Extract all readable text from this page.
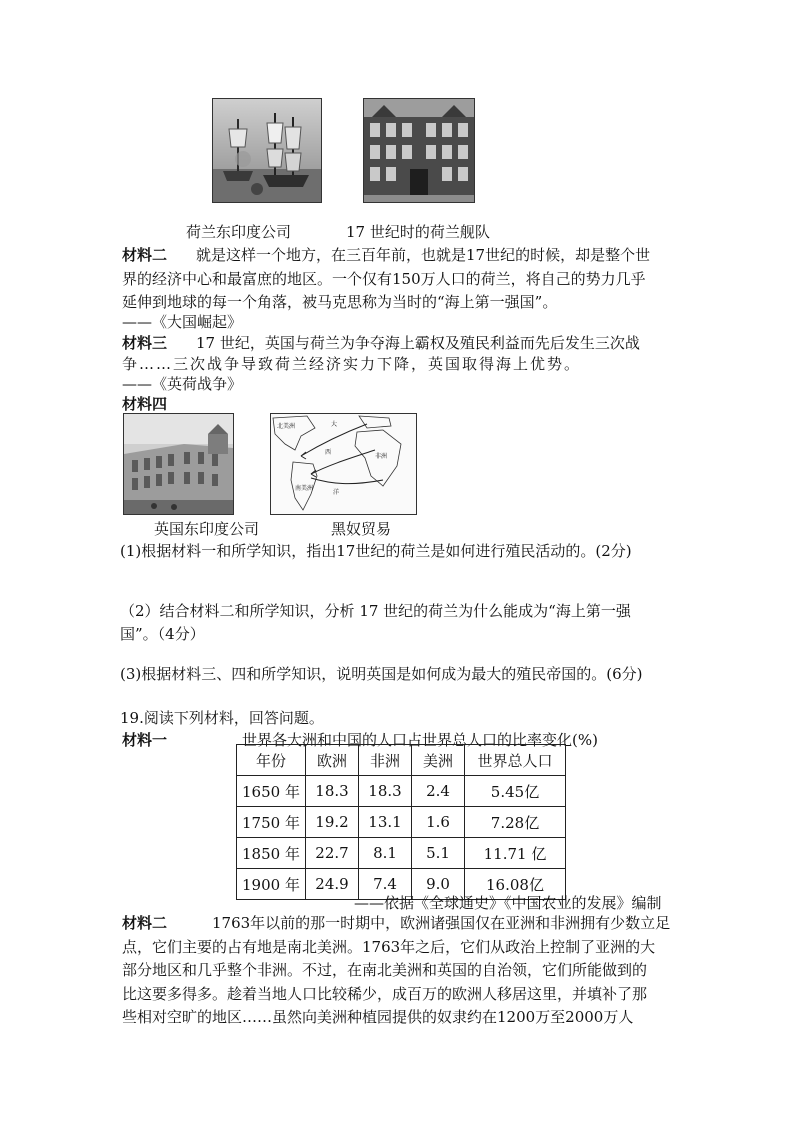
荷兰东印度公司	17 世纪时的荷兰舰队
材料二 就是这样一个地方，在三百年前，也就是17世纪的时候，却是整个世
界的经济中心和最富庶的地区。一个仅有150万人口的荷兰，将自己的势力几乎
延伸到地球的每一个角落，被马克思称为当时的“海上第一强国”。
——《大国崛起》
材料三 17 世纪，英国与荷兰为争夺海上霸权及殖民利益而先后发生三次战
争……三次战争导致荷兰经济实力下降，英国取得海上优势。
——《英荷战争》
材料四
北美洲	大
西
洋
南美洲
非洲
英国东印度公司	黑奴贸易
(1)根据材料一和所学知识，指出17世纪的荷兰是如何进行殖民活动的。(2分)
（2）结合材料二和所学知识，分析 17 世纪的荷兰为什么能成为“海上第一强
国”。（4分）
(3)根据材料三、四和所学知识，说明英国是如何成为最大的殖民帝国的。(6分)
19.阅读下列材料，回答问题。
材料一	世界各大洲和中国的人口占世界总人口的比率变化(%)
年份	欧洲	非洲	美洲	世界总人口
1650 年	18.3	18.3	2.4	5.45亿
1750 年	19.2	13.1	1.6	7.28亿
1850 年	22.7	8.1	5.1	11.71 亿
1900 年	24.9	7.4	9.0	16.08亿
——依据《全球通史》《中国农业的发展》编制
材料二	1763年以前的那一时期中，欧洲诸强国仅在亚洲和非洲拥有少数立足
点，它们主要的占有地是南北美洲。1763年之后，它们从政治上控制了亚洲的大
部分地区和几乎整个非洲。不过，在南北美洲和英国的自治领，它们所能做到的
比这要多得多。趁着当地人口比较稀少，成百万的欧洲人移居这里，并填补了那
些相对空旷的地区……虽然向美洲种植园提供的奴隶约在1200万至2000万人
